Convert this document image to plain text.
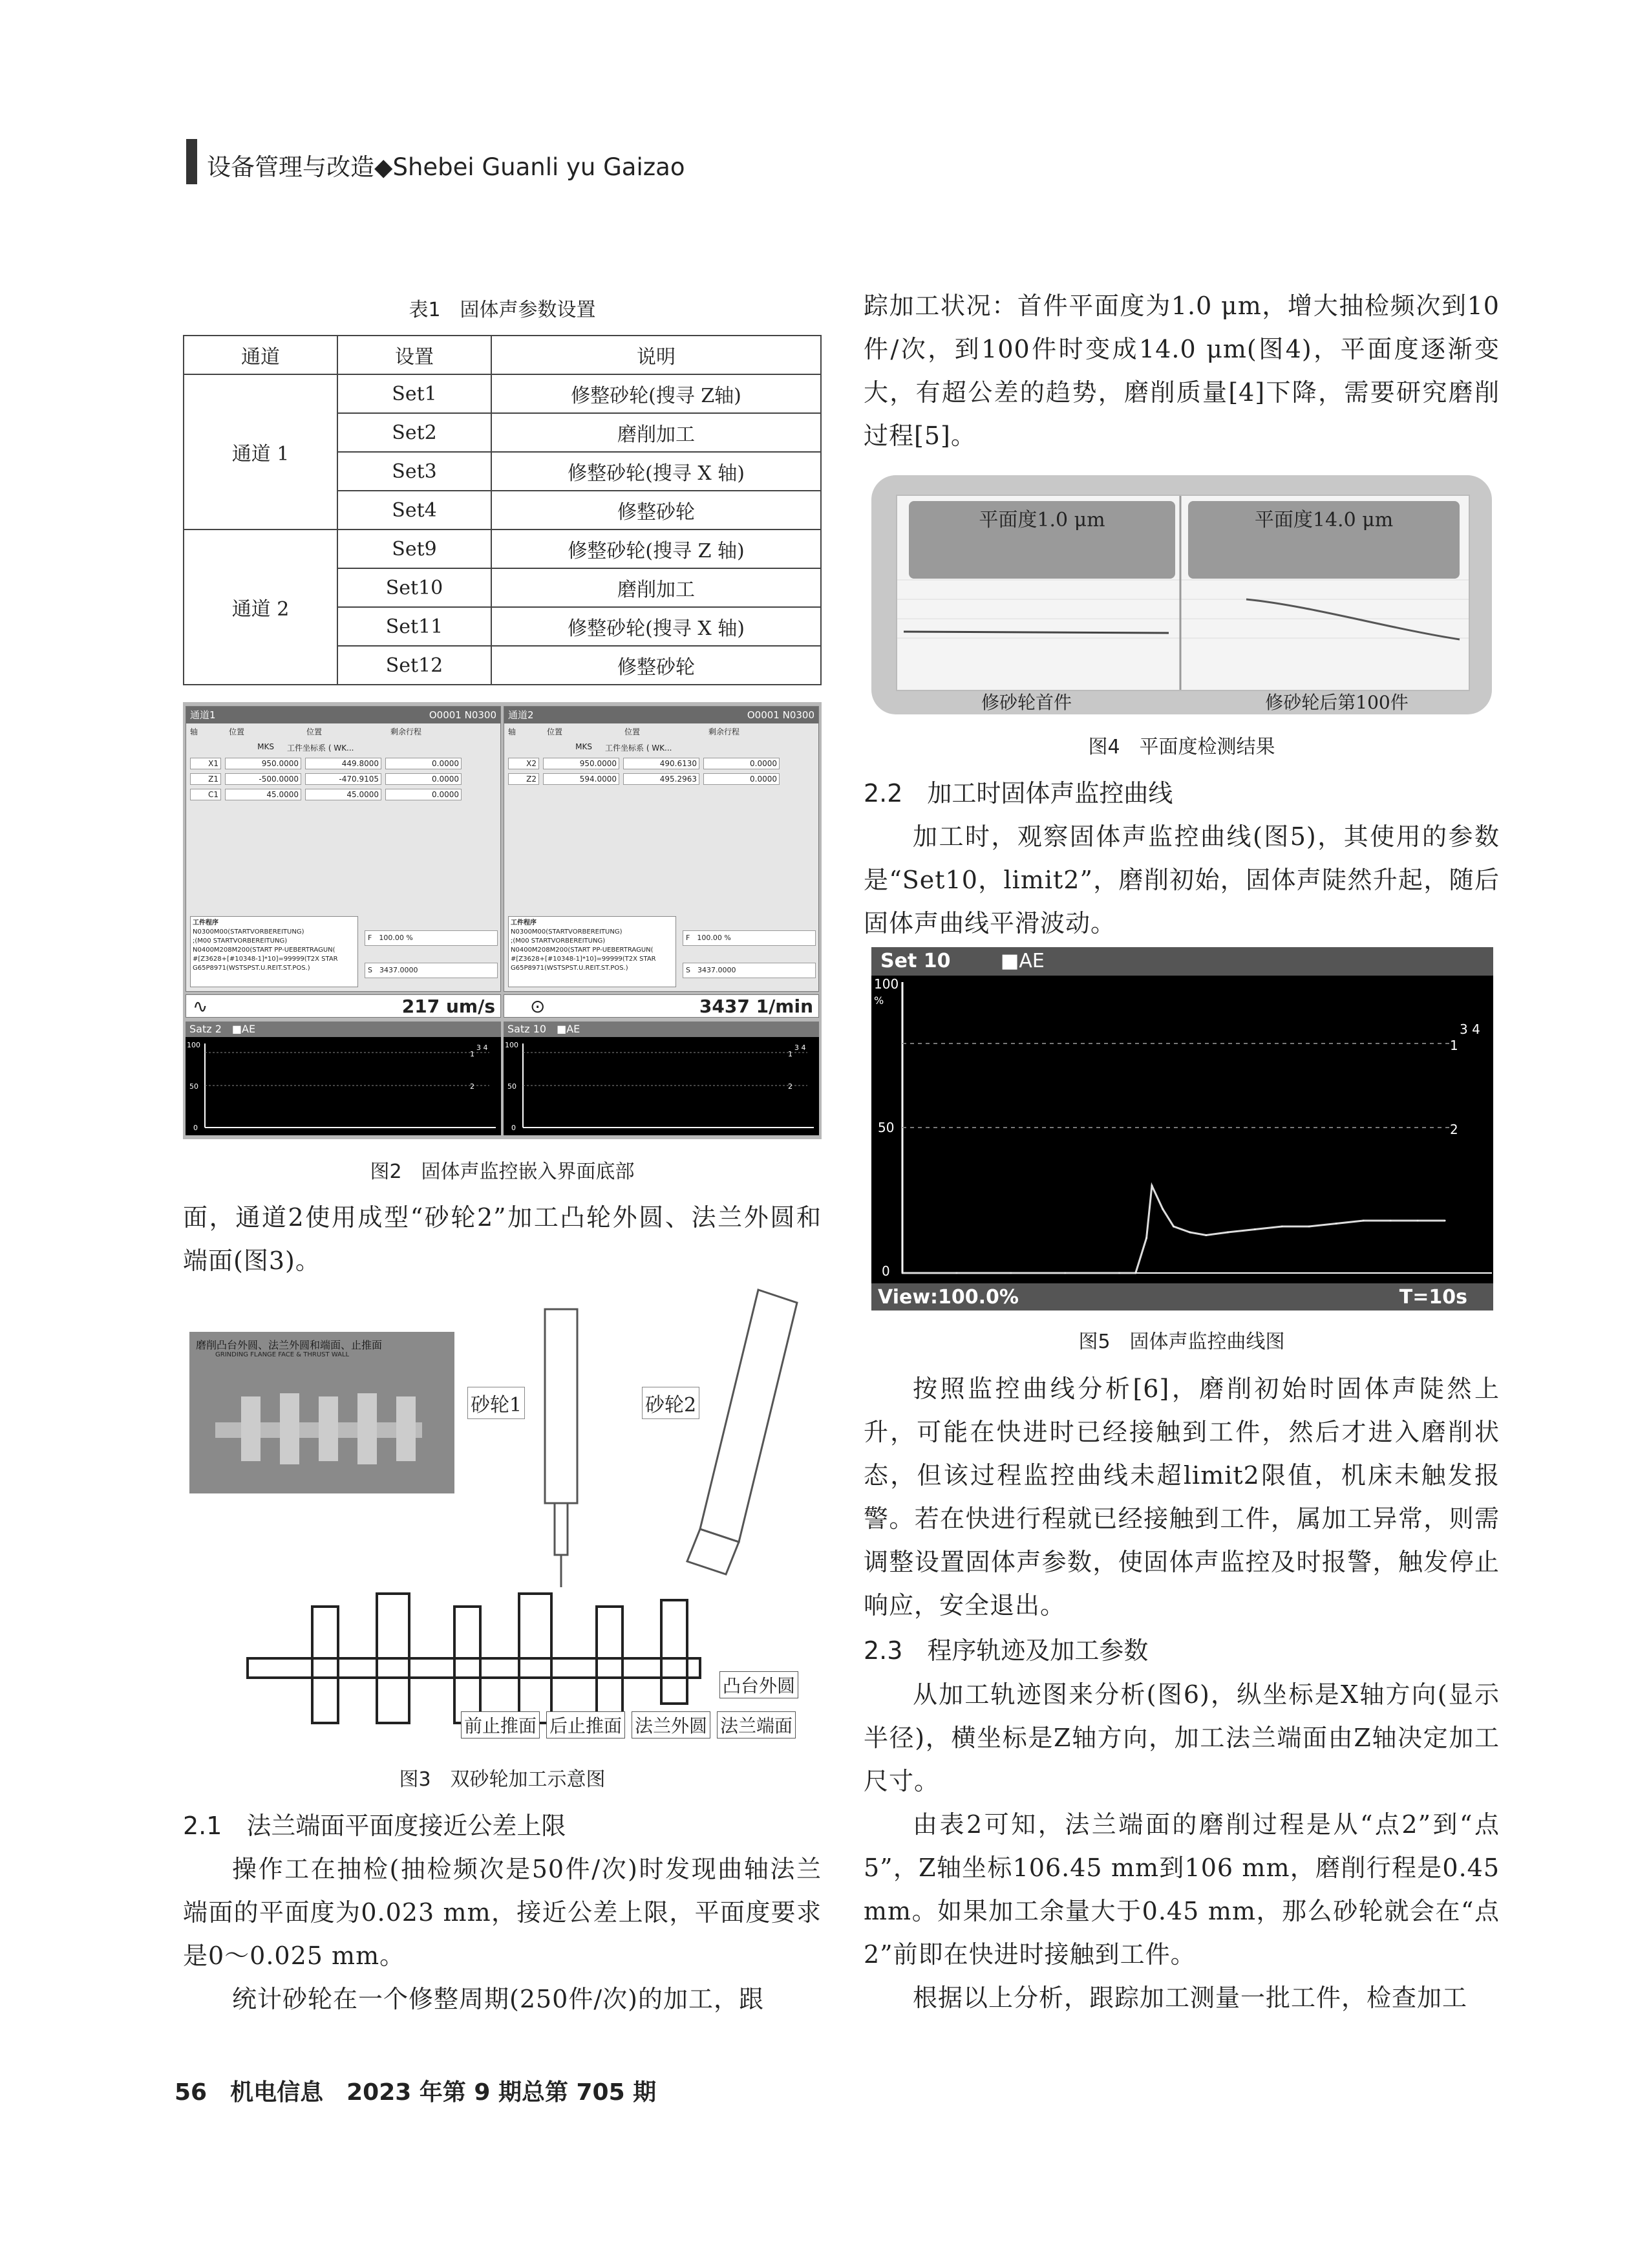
设备管理与改造◆Shebei Guanli yu Gaizao
表1　固体声参数设置
通道	设置	说明
通道 1	Set1	修整砂轮(搜寻 Z轴)
	Set2	磨削加工
	Set3	修整砂轮(搜寻 X 轴)
	Set4	修整砂轮
通道 2	Set9	修整砂轮(搜寻 Z 轴)
	Set10	磨削加工
	Set11	修整砂轮(搜寻 X 轴)
	Set12	修整砂轮
通道1	O0001 N0300
轴	位置	位置	剩余行程
MKS	工件坐标系 ( WK...
X1	950.0000	449.8000	0.0000
Z1	-500.0000	-470.9105	0.0000
C1	45.0000	45.0000	0.0000
工件程序
N0300M00(STARTVORBEREITUNG)
;(M00 STARTVORBEREITUNG)
N0400M208M200(START PP-UEBERTRAGUN(
#[Z3628+[#10348-1]*10]=99999(T2X STAR
G65P8971(WSTSPST.U.REIT.ST.POS.)
F　 100.00 %
S　 3437.0000
∿	217 um/s
Satz 2　■AE
100
50
0
3 4
1
2
通道2	O0001 N0300
轴	位置	位置	剩余行程
MKS	工件坐标系 ( WK...
X2	950.0000	490.6130	0.0000
Z2	594.0000	495.2963	0.0000
工件程序
N0300M00(STARTVORBEREITUNG)
;(M00 STARTVORBEREITUNG)
N0400M208M200(START PP-UEBERTRAGUN(
#[Z3628+[#10348-1]*10]=99999(T2X STAR
G65P8971(WSTSPST.U.REIT.ST.POS.)
F　 100.00 %
S　 3437.0000
⊙	3437 1/min
Satz 10　■AE
100
50
0
3 4
1
2
图2　固体声监控嵌入界面底部

面，通道2使用成型“砂轮2”加工凸轮外圆、法兰外圆和端面(图3)。

磨削凸台外圆、法兰外圆和端面、止推面
GRINDING FLANGE FACE & THRUST WALL
砂轮1	砂轮2
凸台外圆
前止推面 后止推面 法兰外圆 法兰端面
图3　双砂轮加工示意图
2.1　法兰端面平面度接近公差上限

操作工在抽检(抽检频次是50件/次)时发现曲轴法兰端面的平面度为0.023 mm，接近公差上限，平面度要求是0～0.025 mm。

统计砂轮在一个修整周期(250件/次)的加工，跟

踪加工状况：首件平面度为1.0 μm，增大抽检频次到10件/次，到100件时变成14.0 μm(图4)，平面度逐渐变大，有超公差的趋势，磨削质量[4]下降，需要研究磨削过程[5]。

平面度1.0 μm	平面度14.0 μm
修砂轮首件	修砂轮后第100件
图4　平面度检测结果
2.2　加工时固体声监控曲线

加工时，观察固体声监控曲线(图5)，其使用的参数是“Set10，limit2”，磨削初始，固体声陡然升起，随后固体声曲线平滑波动。

Set 10	■AE
100
%
50
0
3 4
1
2
View:100.0%	T=10s
图5　固体声监控曲线图

按照监控曲线分析[6]，磨削初始时固体声陡然上升，可能在快进时已经接触到工件，然后才进入磨削状态，但该过程监控曲线未超limit2限值，机床未触发报警。若在快进行程就已经接触到工件，属加工异常，则需调整设置固体声参数，使固体声监控及时报警，触发停止响应，安全退出。

2.3　程序轨迹及加工参数

从加工轨迹图来分析(图6)，纵坐标是X轴方向(显示半径)，横坐标是Z轴方向，加工法兰端面由Z轴决定加工尺寸。

由表2可知，法兰端面的磨削过程是从“点2”到“点5”，Z轴坐标106.45 mm到106 mm，磨削行程是0.45 mm。如果加工余量大于0.45 mm，那么砂轮就会在“点2”前即在快进时接触到工件。

根据以上分析，跟踪加工测量一批工件，检查加工

56　机电信息　2023 年第 9 期总第 705 期
